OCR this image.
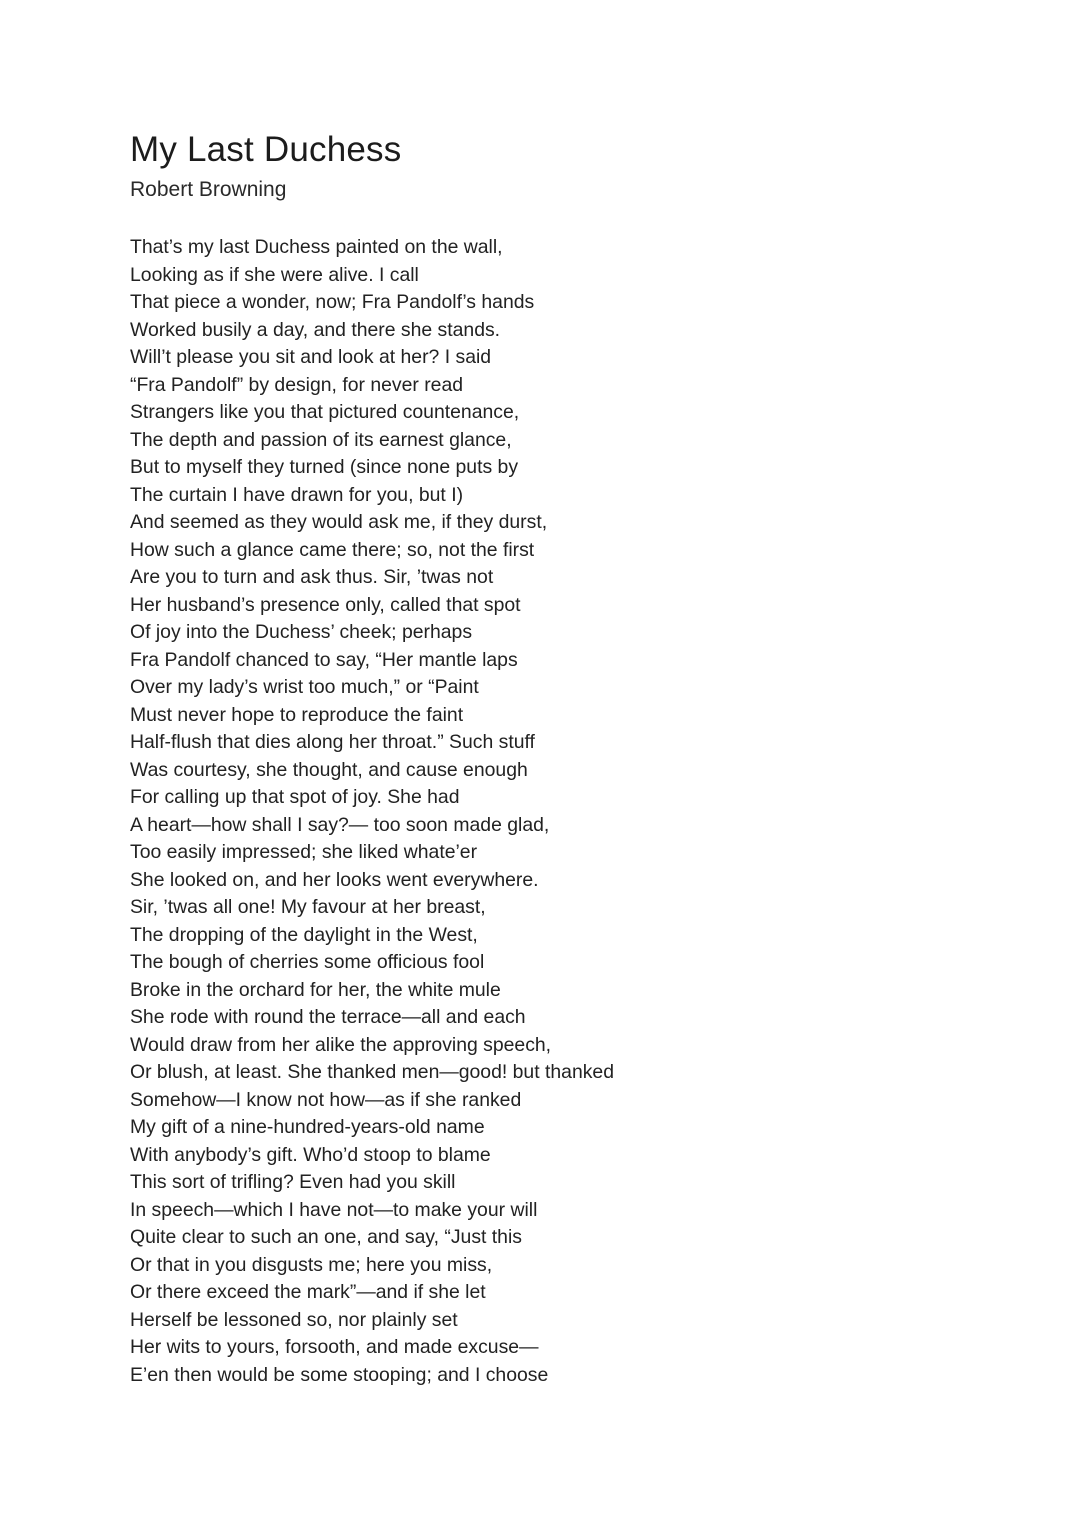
My Last Duchess

Robert Browning

That’s my last Duchess painted on the wall,
Looking as if she were alive. I call
That piece a wonder, now; Fra Pandolf’s hands
Worked busily a day, and there she stands.
Will’t please you sit and look at her? I said
“Fra Pandolf” by design, for never read
Strangers like you that pictured countenance,
The depth and passion of its earnest glance,
But to myself they turned (since none puts by
The curtain I have drawn for you, but I)
And seemed as they would ask me, if they durst,
How such a glance came there; so, not the first
Are you to turn and ask thus. Sir, ’twas not
Her husband’s presence only, called that spot
Of joy into the Duchess’ cheek; perhaps
Fra Pandolf chanced to say, “Her mantle laps
Over my lady’s wrist too much,” or “Paint
Must never hope to reproduce the faint
Half-flush that dies along her throat.” Such stuff
Was courtesy, she thought, and cause enough
For calling up that spot of joy. She had
A heart—how shall I say?— too soon made glad,
Too easily impressed; she liked whate’er
She looked on, and her looks went everywhere.
Sir, ’twas all one! My favour at her breast,
The dropping of the daylight in the West,
The bough of cherries some officious fool
Broke in the orchard for her, the white mule
She rode with round the terrace—all and each
Would draw from her alike the approving speech,
Or blush, at least. She thanked men—good! but thanked
Somehow—I know not how—as if she ranked
My gift of a nine-hundred-years-old name
With anybody’s gift. Who’d stoop to blame
This sort of trifling? Even had you skill
In speech—which I have not—to make your will
Quite clear to such an one, and say, “Just this
Or that in you disgusts me; here you miss,
Or there exceed the mark”—and if she let
Herself be lessoned so, nor plainly set
Her wits to yours, forsooth, and made excuse—
E’en then would be some stooping; and I choose
